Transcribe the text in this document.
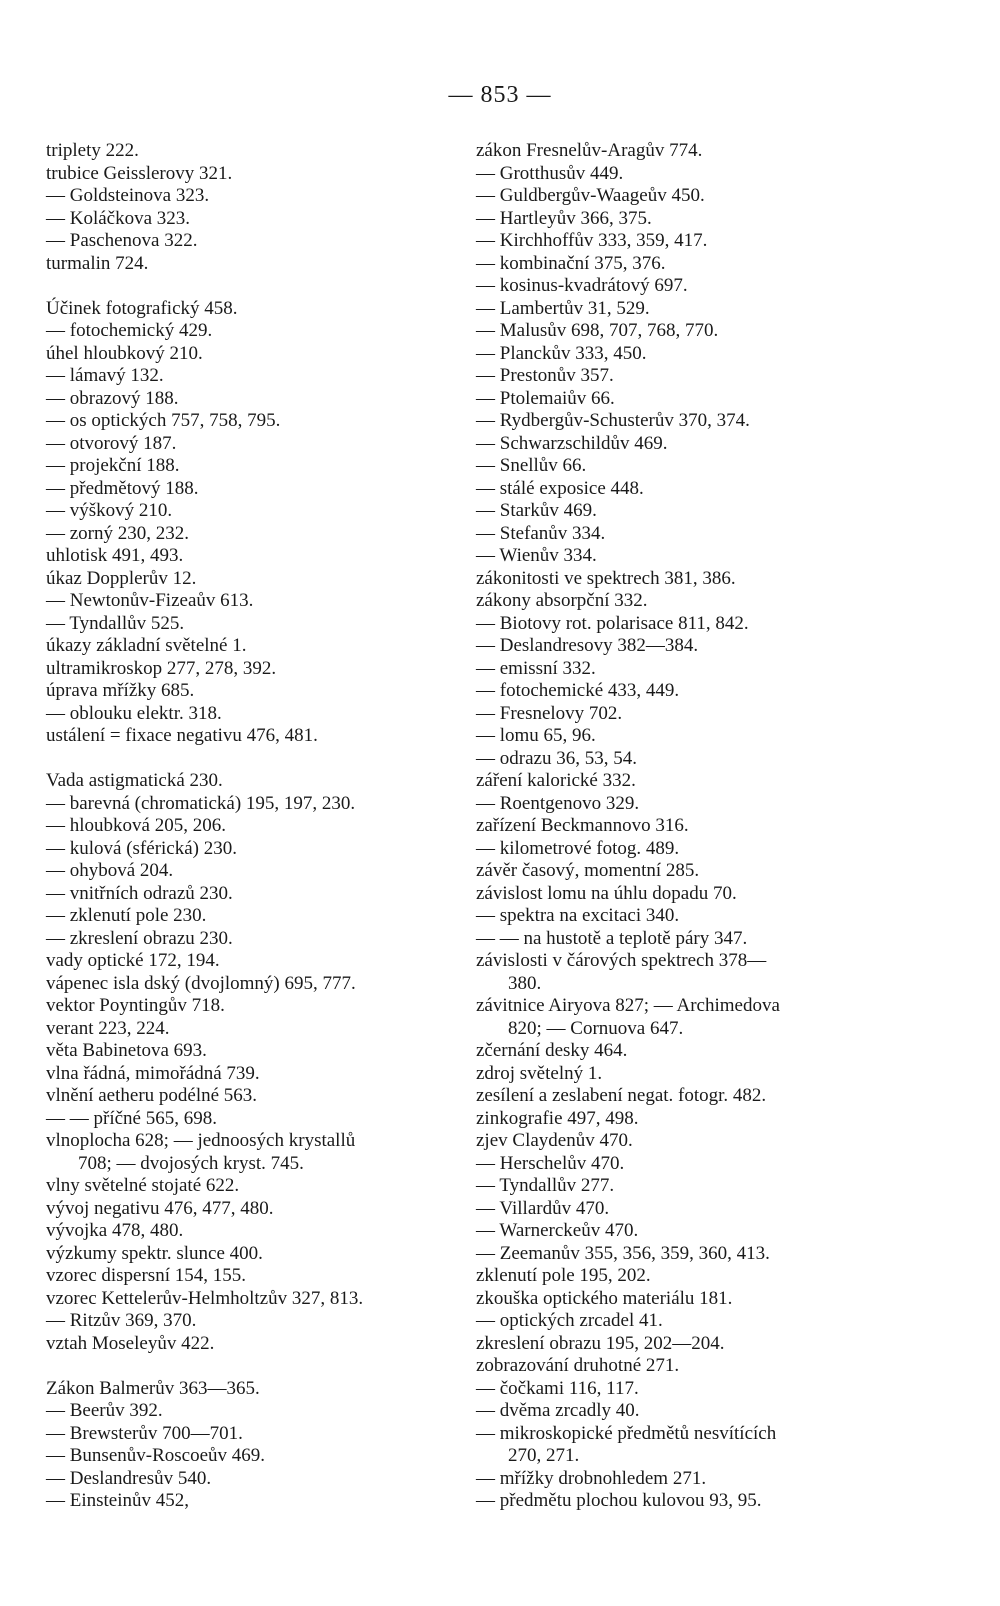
— 853 —
triplety 222.
trubice Geisslerovy 321.
— Goldsteinova 323.
— Koláčkova 323.
— Paschenova 322.
turmalin 724.
Účinek fotografický 458.
— fotochemický 429.
úhel hloubkový 210.
— lámavý 132.
— obrazový 188.
— os optických 757, 758, 795.
— otvorový 187.
— projekční 188.
— předmětový 188.
— výškový 210.
— zorný 230, 232.
uhlotisk 491, 493.
úkaz Dopplerův 12.
— Newtonův-Fizeaův 613.
— Tyndallův 525.
úkazy základní světelné 1.
ultramikroskop 277, 278, 392.
úprava mřížky 685.
— oblouku elektr. 318.
ustálení = fixace negativu 476, 481.
Vada astigmatická 230.
— barevná (chromatická) 195, 197, 230.
— hloubková 205, 206.
— kulová (sférická) 230.
— ohybová 204.
— vnitřních odrazů 230.
— zklenutí pole 230.
— zkreslení obrazu 230.
vady optické 172, 194.
vápenec isla dský (dvojlomný) 695, 777.
vektor Poyntingův 718.
verant 223, 224.
věta Babinetova 693.
vlna řádná, mimořádná 739.
vlnění aetheru podélné 563.
— — příčné 565, 698.
vlnoplocha 628; — jednoosých krystallů
708; — dvojosých kryst. 745.
vlny světelné stojaté 622.
vývoj negativu 476, 477, 480.
vývojka 478, 480.
výzkumy spektr. slunce 400.
vzorec dispersní 154, 155.
vzorec Kettelerův-Helmholtzův 327, 813.
— Ritzův 369, 370.
vztah Moseleyův 422.
Zákon Balmerův 363—365.
— Beerův 392.
— Brewsterův 700—701.
— Bunsenův-Roscoeův 469.
— Deslandresův 540.
— Einsteinův 452,
zákon Fresnelův-Aragův 774.
— Grotthusův 449.
— Guldbergův-Waageův 450.
— Hartleyův 366, 375.
— Kirchhoffův 333, 359, 417.
— kombinační 375, 376.
— kosinus-kvadrátový 697.
— Lambertův 31, 529.
— Malusův 698, 707, 768, 770.
— Planckův 333, 450.
— Prestonův 357.
— Ptolemaiův 66.
— Rydbergův-Schusterův 370, 374.
— Schwarzschildův 469.
— Snellův 66.
— stálé exposice 448.
— Starkův 469.
— Stefanův 334.
— Wienův 334.
zákonitosti ve spektrech 381, 386.
zákony absorpční 332.
— Biotovy rot. polarisace 811, 842.
— Deslandresovy 382—384.
— emissní 332.
— fotochemické 433, 449.
— Fresnelovy 702.
— lomu 65, 96.
— odrazu 36, 53, 54.
záření kalorické 332.
— Roentgenovo 329.
zařízení Beckmannovo 316.
— kilometrové fotog. 489.
závěr časový, momentní 285.
závislost lomu na úhlu dopadu 70.
— spektra na excitaci 340.
— — na hustotě a teplotě páry 347.
závislosti v čárových spektrech 378—
380.
závitnice Airyova 827; — Archimedova
820; — Cornuova 647.
zčernání desky 464.
zdroj světelný 1.
zesílení a zeslabení negat. fotogr. 482.
zinkografie 497, 498.
zjev Claydenův 470.
— Herschelův 470.
— Tyndallův 277.
— Villardův 470.
— Warnerckeův 470.
— Zeemanův 355, 356, 359, 360, 413.
zklenutí pole 195, 202.
zkouška optického materiálu 181.
— optických zrcadel 41.
zkreslení obrazu 195, 202—204.
zobrazování druhotné 271.
— čočkami 116, 117.
— dvěma zrcadly 40.
— mikroskopické předmětů nesvítících
270, 271.
— mřížky drobnohledem 271.
— předmětu plochou kulovou 93, 95.
